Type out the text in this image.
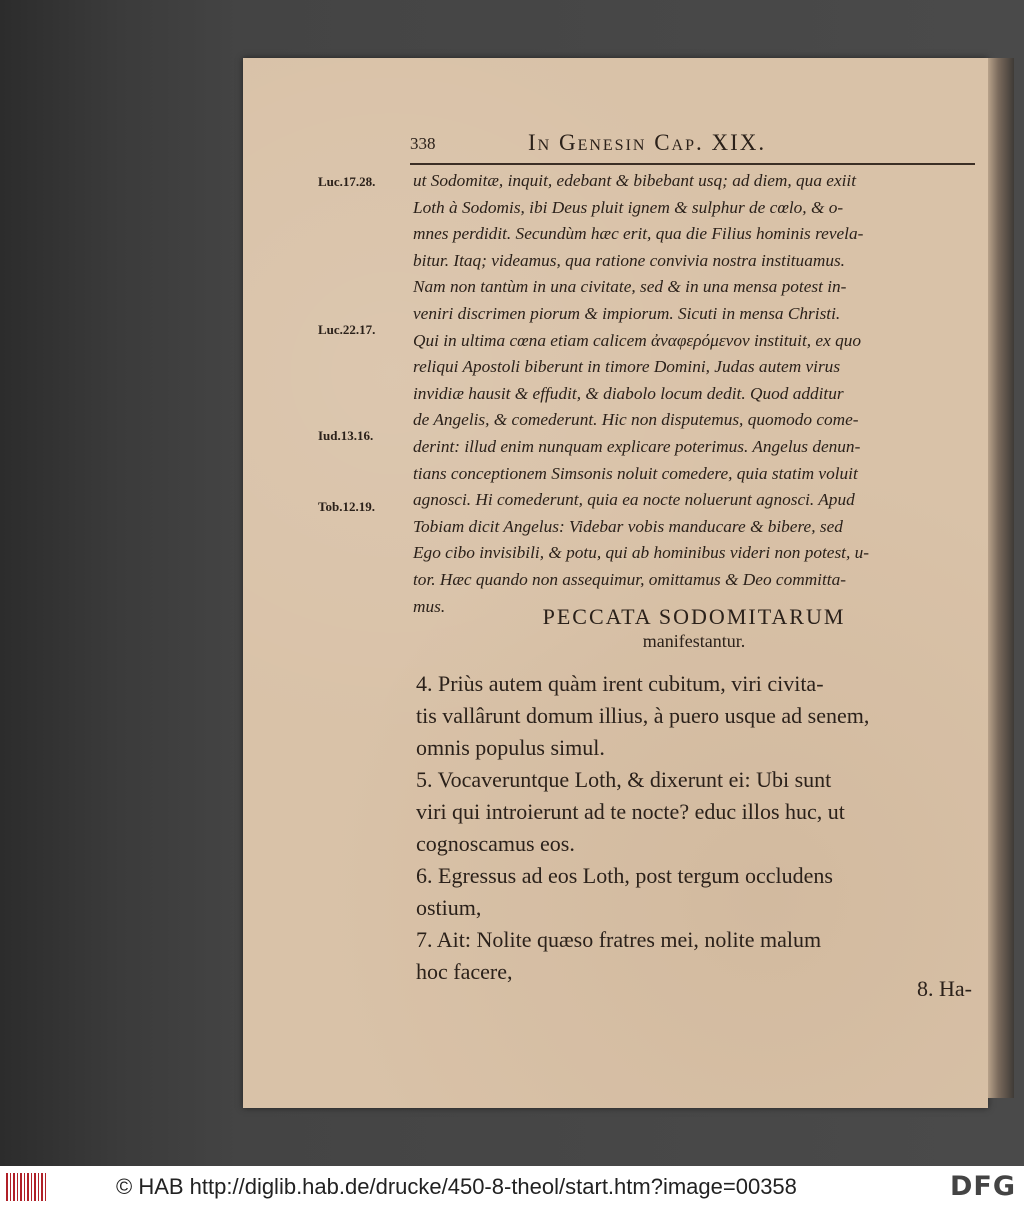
338	In Genesin Cap. XIX.
Luc.17.28.
Luc.22.17.
Iud.13.16.
Tob.12.19.

ut Sodomitæ, inquit, edebant & bibebant usq; ad diem, qua exiit

Loth à Sodomis, ibi Deus pluit ignem & sulphur de cœlo, & o-

mnes perdidit. Secundùm hæc erit, qua die Filius hominis revela-

bitur. Itaq; videamus, qua ratione convivia nostra instituamus.

Nam non tantùm in una civitate, sed & in una mensa potest in-

veniri discrimen piorum & impiorum. Sicuti in mensa Christi.

Qui in ultima cœna etiam calicem ἀναφερόμενον instituit, ex quo

reliqui Apostoli biberunt in timore Domini, Judas autem virus

invidiæ hausit & effudit, & diabolo locum dedit. Quod additur

de Angelis, & comederunt. Hic non disputemus, quomodo come-

derint: illud enim nunquam explicare poterimus. Angelus denun-

tians conceptionem Simsonis noluit comedere, quia statim voluit

agnosci. Hi comederunt, quia ea nocte noluerunt agnosci. Apud

Tobiam dicit Angelus: Videbar vobis manducare & bibere, sed

Ego cibo invisibili, & potu, qui ab hominibus videri non potest, u-

tor. Hæc quando non assequimur, omittamus & Deo committa-

mus.	PECCATA SODOMITARUM
manifestantur.

4. Priùs autem quàm irent cubitum, viri civita-

tis vallârunt domum illius, à puero usque ad senem,

omnis populus simul.

5. Vocaveruntque Loth, & dixerunt ei: Ubi sunt

viri qui introierunt ad te nocte? educ illos huc, ut

cognoscamus eos.

6. Egressus ad eos Loth, post tergum occludens

ostium,

7. Ait: Nolite quæso fratres mei, nolite malum

hoc facere,

8. Ha-
© HAB http://diglib.hab.de/drucke/450-8-theol/start.htm?image=00358	DFG
